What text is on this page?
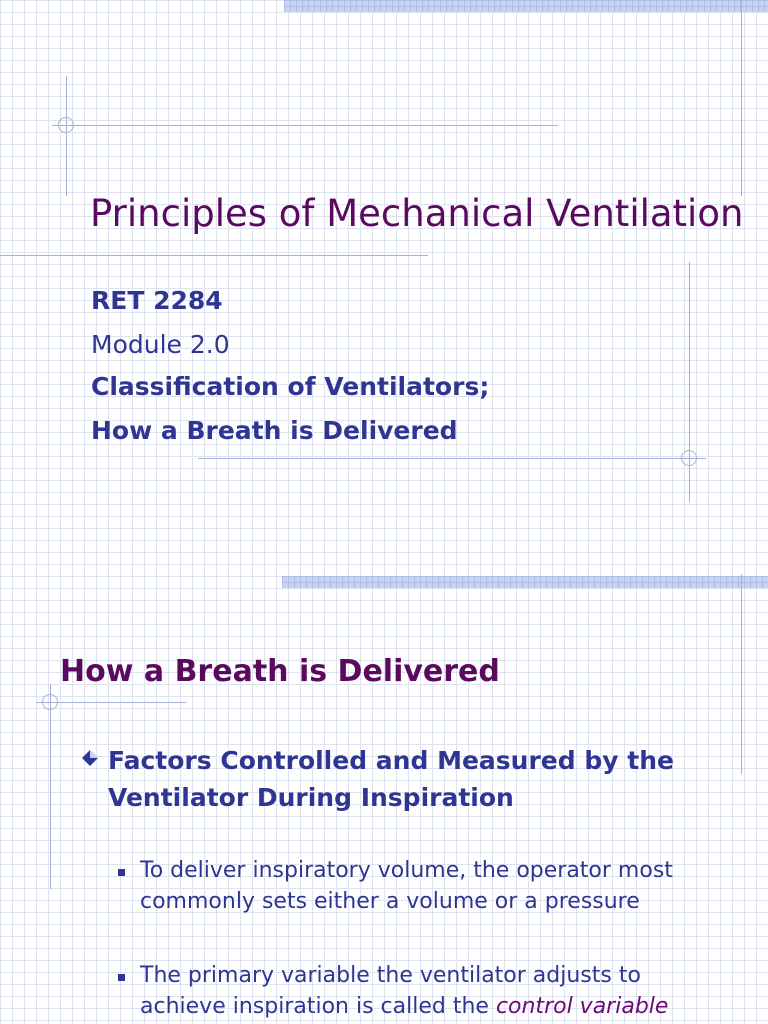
Principles of Mechanical Ventilation

RET 2284

Module 2.0

Classification of Ventilators;

How a Breath is Delivered

How a Breath is Delivered

Factors Controlled and Measured by the Ventilator During Inspiration

To deliver inspiratory volume, the operator most commonly sets either a volume or a pressure

The primary variable the ventilator adjusts to achieve inspiration is called the control variable
